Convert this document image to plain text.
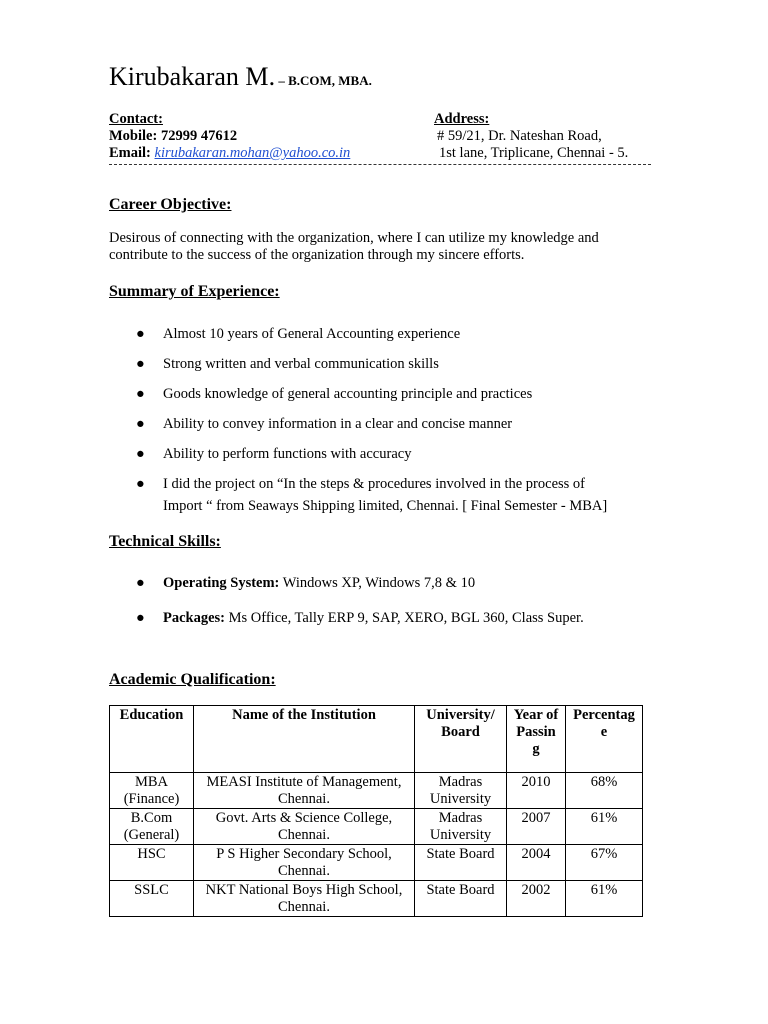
Kirubakaran M. – B.COM, MBA.
Contact:
Mobile: 72999 47612
Email: kirubakaran.mohan@yahoo.co.in
Address:
# 59/21, Dr. Nateshan Road,
1st lane, Triplicane, Chennai - 5.
Career Objective:
Desirous of connecting with the organization, where I can utilize my knowledge and contribute to the success of the organization through my sincere efforts.
Summary of Experience:
●	Almost 10 years of General Accounting experience
●	Strong written and verbal communication skills
●	Goods knowledge of general accounting principle and practices
●	Ability to convey information in a clear and concise manner
●	Ability to perform functions with accuracy
●	I did the project on “In the steps & procedures involved in the process of
Import “ from Seaways Shipping limited, Chennai. [ Final Semester - MBA]
Technical Skills:
●	Operating System: Windows XP, Windows 7,8 & 10
●	Packages: Ms Office, Tally ERP 9, SAP, XERO, BGL 360, Class Super.
Academic Qualification:
Education	Name of the Institution	University/ Board	Year of Passin g	Percentag e
MBA (Finance)	MEASI Institute of Management, Chennai.	Madras University	2010	68%
B.Com (General)	Govt. Arts & Science College, Chennai.	Madras University	2007	61%
HSC	P S Higher Secondary School, Chennai.	State Board	2004	67%
SSLC	NKT National Boys High School, Chennai.	State Board	2002	61%
